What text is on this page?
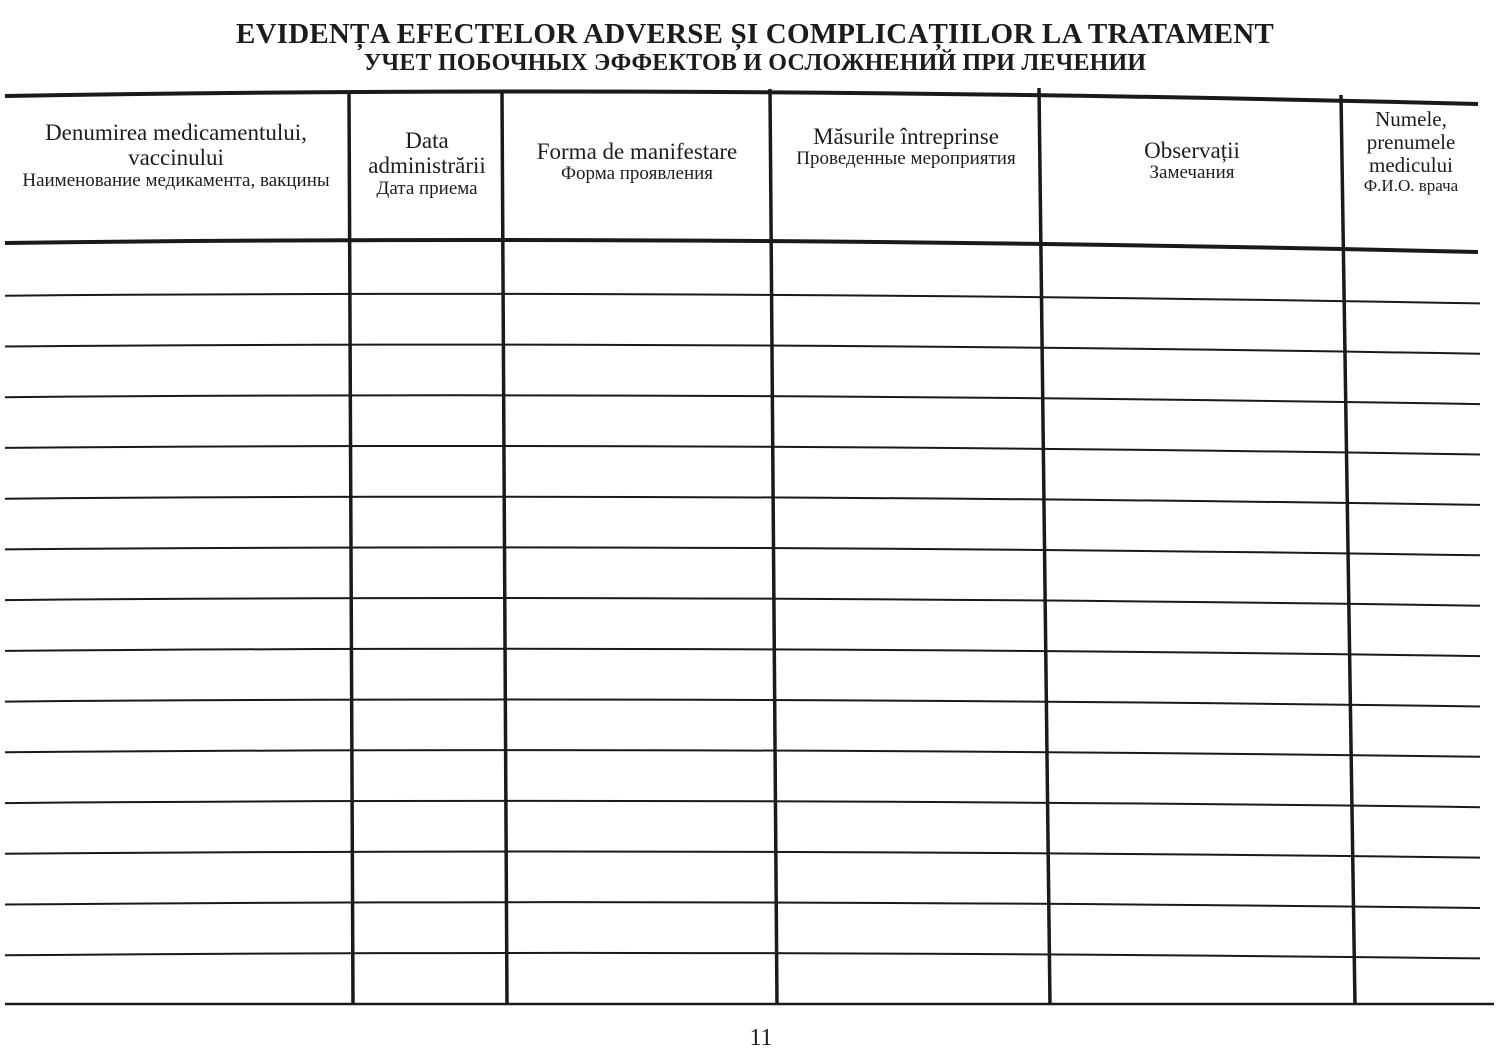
EVIDENȚA EFECTELOR ADVERSE ȘI COMPLICAȚIILOR LA TRATAMENT
УЧЕТ ПОБОЧНЫХ ЭФФЕКТОВ И ОСЛОЖНЕНИЙ ПРИ ЛЕЧЕНИИ
Denumirea medicamentului, vaccinului
Наименование медикамента, вакцины
Data administrării
Дата приема
Forma de manifestare
Форма проявления
Măsurile întreprinse
Проведенные мероприятия	Observații
Замечания
Numele, prenumele medicului
Ф.И.О. врача
11
